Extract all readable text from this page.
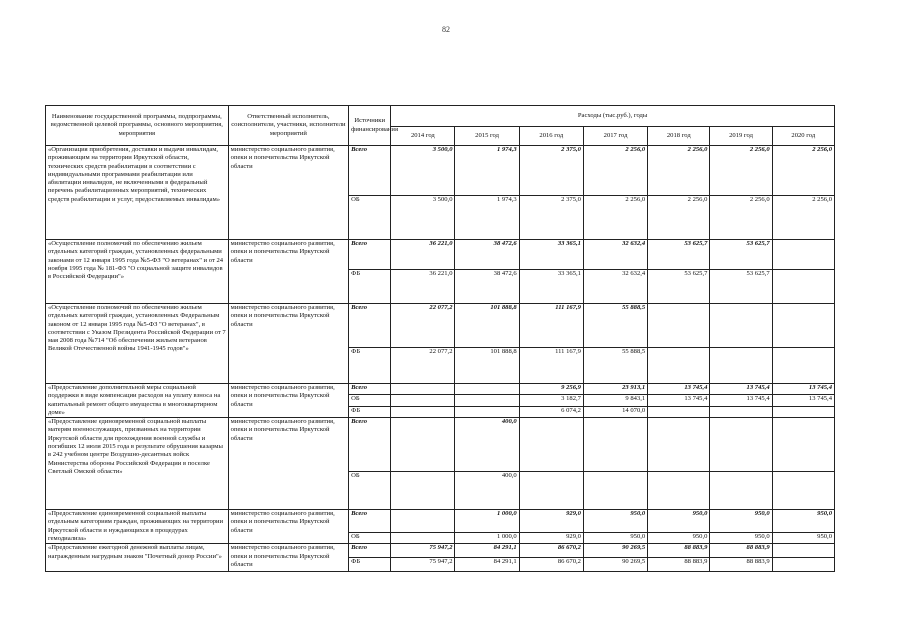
82
Наименование государственной программы, подпрограммы, ведомственной целевой программы, основного мероприятия, мероприятия	Ответственный исполнитель, соисполнители, участники, исполнители мероприятий	Источники финансирования	Расходы (тыс.руб.), годы						
			2014 год	2015 год	2016 год	2017 год	2018 год	2019 год	2020 год
«Организация приобретения, доставки и выдачи инвалидам, проживающим на территории Иркутской области, технических средств реабилитации в соответствии с индивидуальными программами реабилитации или абилитации инвалидов, не включенными в федеральный перечень реабилитационных мероприятий, технических средств реабилитации и услуг, предоставляемых инвалидам»	министерство социального развития, опеки и попечительства Иркутской области	Всего	3 500,0	1 974,3	2 375,0	2 256,0	2 256,0	2 256,0	2 256,0
		ОБ	3 500,0	1 974,3	2 375,0	2 256,0	2 256,0	2 256,0	2 256,0
«Осуществление полномочий по обеспечению жильем отдельных категорий граждан, установленных федеральными законами от 12 января 1995 года №5-ФЗ "О ветеранах" и от 24 ноября 1995 года № 181-ФЗ "О социальной защите инвалидов в Российской Федерации"»	министерство социального развития, опеки и попечительства Иркутской области	Всего	36 221,0	38 472,6	33 365,1	32 632,4	53 625,7	53 625,7	
		ФБ	36 221,0	38 472,6	33 365,1	32 632,4	53 625,7	53 625,7	
«Осуществление полномочий по обеспечению жильем отдельных категорий граждан, установленных Федеральным законом от 12 января 1995 года №5-ФЗ "О ветеранах", в соответствии с Указом Президента Российской Федерации от 7 мая 2008 года №714 "Об обеспечении жильем ветеранов Великой Отечественной войны 1941-1945 годов"»	министерство социального развития, опеки и попечительства Иркутской области	Всего	22 077,2	101 888,8	111 167,9	55 888,5			
		ФБ	22 077,2	101 888,8	111 167,9	55 888,5			
«Предоставление дополнительной меры социальной поддержки в виде компенсации расходов на уплату взноса на капитальный ремонт общего имущества в многоквартирном доме»	министерство социального развития, опеки и попечительства Иркутской области	Всего			9 256,9	23 913,1	13 745,4	13 745,4	13 745,4
		ОБ			3 182,7	9 843,1	13 745,4	13 745,4	13 745,4
		ФБ			6 074,2	14 070,0			
«Предоставление единовременной социальной выплаты матерям военнослужащих, призванных на территории Иркутской области для прохождения военной службы и погибших 12 июля 2015 года в результате обрушения казармы в 242 учебном центре Воздушно-десантных войск Министерства обороны Российской Федерации в поселке Светлый Омской области»	министерство социального развития, опеки и попечительства Иркутской области	Всего		400,0					
		ОБ		400,0					
«Предоставление единовременной социальной выплаты отдельным категориям граждан, проживающих на территории Иркутской области и нуждающихся в процедурах гемодиализа»	министерство социального развития, опеки и попечительства Иркутской области	Всего		1 000,0	929,0	950,0	950,0	950,0	950,0
		ОБ		1 000,0	929,0	950,0	950,0	950,0	950,0
«Предоставление ежегодной денежной выплаты лицам, награжденным нагрудным знаком "Почетный донор России"»	министерство социального развития, опеки и попечительства Иркутской области	Всего	75 947,2	84 291,1	86 670,2	90 269,5	88 883,9	88 883,9	
		ФБ	75 947,2	84 291,1	86 670,2	90 269,5	88 883,9	88 883,9	
